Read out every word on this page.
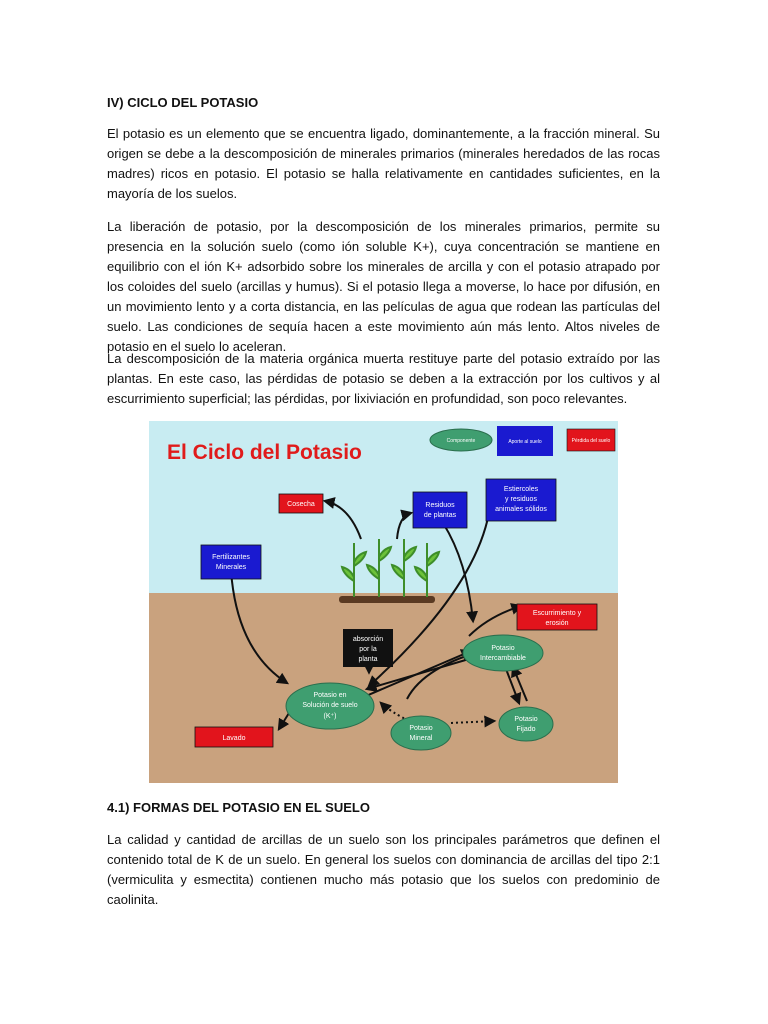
IV) CICLO DEL POTASIO

El potasio es un elemento que se encuentra ligado, dominantemente, a la fracción mineral. Su origen se debe a la descomposición de minerales primarios (minerales heredados de las rocas madres) ricos en potasio. El potasio se halla relativamente en cantidades suficientes, en la mayoría de los suelos.

La liberación de potasio, por la descomposición de los minerales primarios, permite su presencia en la solución suelo (como ión soluble K+), cuya concentración se mantiene en equilibrio con el ión K+ adsorbido sobre los minerales de arcilla y con el potasio atrapado por los coloides del suelo (arcillas y humus). Si el potasio llega a moverse, lo hace por difusión, en un movimiento lento y a corta distancia, en las películas de agua que rodean las partículas del suelo. Las condiciones de sequía hacen a este movimiento aún más lento. Altos niveles de potasio en el suelo lo aceleran.

La descomposición de la materia orgánica muerta restituye parte del potasio extraído por las plantas. En este caso, las pérdidas de potasio se deben a la extracción por los cultivos y al escurrimiento superficial; las pérdidas, por lixiviación en profundidad, son poco relevantes.

El Ciclo del Potasio	Componente	Aporte al suelo	Pérdida del suelo
Cosecha
Escurrimiento y
erosión
Lavado
Residuos
de plantas
Estiercoles
y residuos
animales sólidos
Fertilizantes
Minerales
absorción
por la
planta
Potasio
Intercambiable
Potasio en
Solución de suelo
(K⁺)
Potasio
Mineral
Potasio
Fijado
4.1) FORMAS DEL POTASIO EN EL SUELO

La calidad y cantidad de arcillas de un suelo son los principales parámetros que definen el contenido total de K de un suelo. En general los suelos con dominancia de arcillas del tipo 2:1 (vermiculita y esmectita) contienen mucho más potasio que los suelos con predominio de caolinita.
